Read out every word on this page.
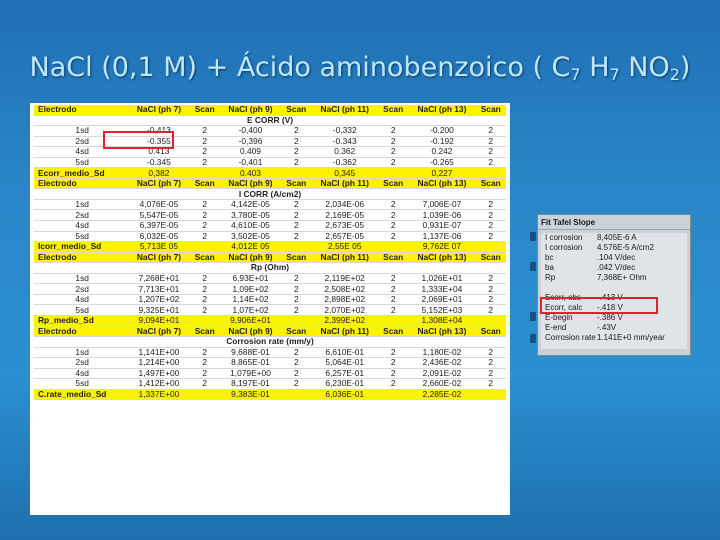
NaCl (0,1 M) + Ácido aminobenzoico ( $C_7$ $H_7$ $NO_2$)
Electrodo	NaCl (ph 7)	Scan	NaCl (ph 9)	Scan	NaCl (ph 11)	Scan	NaCl (ph 13)	Scan
E CORR (V)								
1sd	-0,413	2	-0,400	2	-0,332	2	-0.200	2
2sd	-0.355	2	-0,396	2	-0.343	2	-0.192	2
4sd	0.413	2	0.409	2	0.362	2	0.242	2
5sd	-0.345	2	-0,401	2	-0.362	2	-0.265	2
Ecorr_medio_Sd	0,382		0.403		0,345		0,227	
Electrodo	NaCl (ph 7)	Scan	NaCl (ph 9)	Scan	NaCl (ph 11)	Scan	NaCl (ph 13)	Scan
I CORR (A/cm2)								
1sd	4,076E-05	2	4,142E-05	2	2,034E-06	2	7,006E-07	2
2sd	5,547E-05	2	3,780E-05	2	2,169E-05	2	1,039E-06	2
4sd	6,397E-05	2	4,610E-05	2	2,673E-05	2	0,931E-07	2
5sd	6,032E-05	2	3,502E-05	2	2,657E-05	2	1,137E-06	2
Icorr_medio_Sd	5,713E 05		4,012E 05		2,55E 05		9,762E 07	
Electrodo	NaCl (ph 7)	Scan	NaCl (ph 9)	Scan	NaCl (ph 11)	Scan	NaCl (ph 13)	Scan
Rp (Ohm)								
1sd	7,268E+01	2	6,93E+01	2	2,119E+02	2	1,026E+01	2
2sd	7,713E+01	2	1,09E+02	2	2,508E+02	2	1,333E+04	2
4sd	1,207E+02	2	1,14E+02	2	2,898E+02	2	2,069E+01	2
5sd	9,325E+01	2	1,07E+02	2	2,070E+02	2	5,152E+03	2
Rp_medio_Sd	9,094E+01		9,906E+01		2,399E+02		1,308E+04	
Electrodo	NaCl (ph 7)	Scan	NaCl (ph 9)	Scan	NaCl (ph 11)	Scan	NaCl (ph 13)	Scan
Corrosion rate (mm/y)								
1sd	1,141E+00	2	9,688E-01	2	6,610E-01	2	1,180E-02	2
2sd	1,214E+00	2	8,865E-01	2	5,064E-01	2	2,436E-02	2
4sd	1,497E+00	2	1,079E+00	2	6,257E-01	2	2,091E-02	2
5sd	1,412E+00	2	8,197E-01	2	6,230E-01	2	2,660E-02	2
C.rate_medio_Sd	1,337E+00		9,383E-01		6,036E-01		2,285E-02	
Fit Tafel Slope
I corrosion	8,405E-6 A
I corrosion	4.576E-5 A/cm2
bc	.104 V/dec
ba	.042 V/dec
Rp	7,368E+ Ohm
Ecorr, obs	-.413 V
Ecorr, calc	-.418 V
E-begin	-.386 V
E-end	-.43V
Corrosion rate 1.141E+0 mm/year
